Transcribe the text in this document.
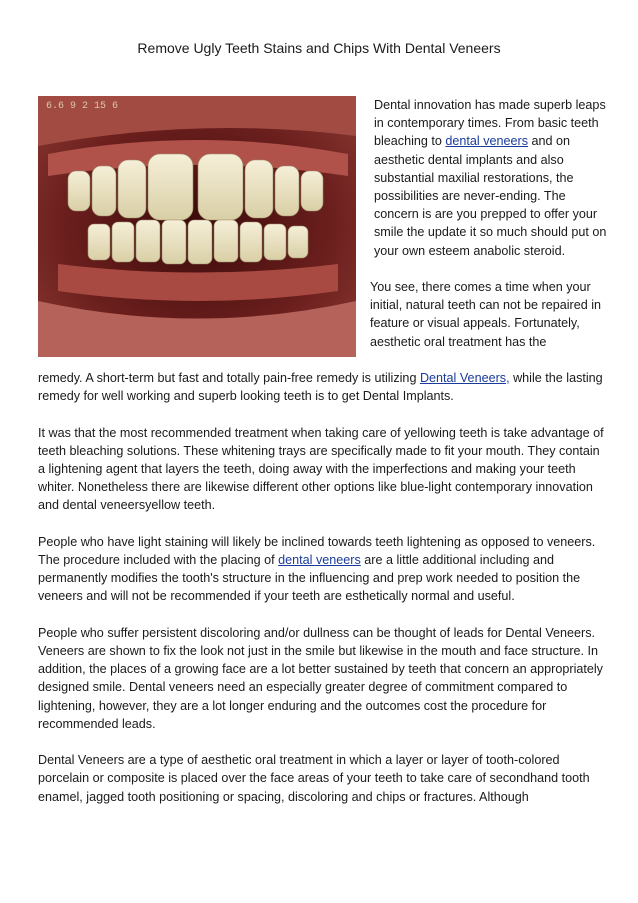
Remove Ugly Teeth Stains and Chips With Dental Veneers
6.6 9 2 15 6	Dental innovation has made superb leaps in contemporary times. From basic teeth bleaching to dental veneers and on aesthetic dental implants and also substantial maxilial restorations, the possibilities are never-ending. The concern is are you prepped to offer your smile the update it so much should put on your own esteem anabolic steroid.

You see, there comes a time when your initial, natural teeth can not be repaired in feature or visual appeals. Fortunately, aesthetic oral treatment has the

remedy. A short-term but fast and totally pain-free remedy is utilizing Dental Veneers, while the lasting remedy for well working and superb looking teeth is to get Dental Implants.

It was that the most recommended treatment when taking care of yellowing teeth is take advantage of teeth bleaching solutions. These whitening trays are specifically made to fit your mouth. They contain a lightening agent that layers the teeth, doing away with the imperfections and making your teeth whiter. Nonetheless there are likewise different other options like blue-light contemporary innovation and dental veneersyellow teeth.

People who have light staining will likely be inclined towards teeth lightening as opposed to veneers. The procedure included with the placing of dental veneers are a little additional including and permanently modifies the tooth's structure in the influencing and prep work needed to position the veneers and will not be recommended if your teeth are esthetically normal and useful.

People who suffer persistent discoloring and/or dullness can be thought of leads for Dental Veneers. Veneers are shown to fix the look not just in the smile but likewise in the mouth and face structure. In addition, the places of a growing face are a lot better sustained by teeth that concern an appropriately designed smile. Dental veneers need an especially greater degree of commitment compared to lightening, however, they are a lot longer enduring and the outcomes cost the procedure for recommended leads.

Dental Veneers are a type of aesthetic oral treatment in which a layer or layer of tooth-colored porcelain or composite is placed over the face areas of your teeth to take care of secondhand tooth enamel, jagged tooth positioning or spacing, discoloring and chips or fractures. Although
